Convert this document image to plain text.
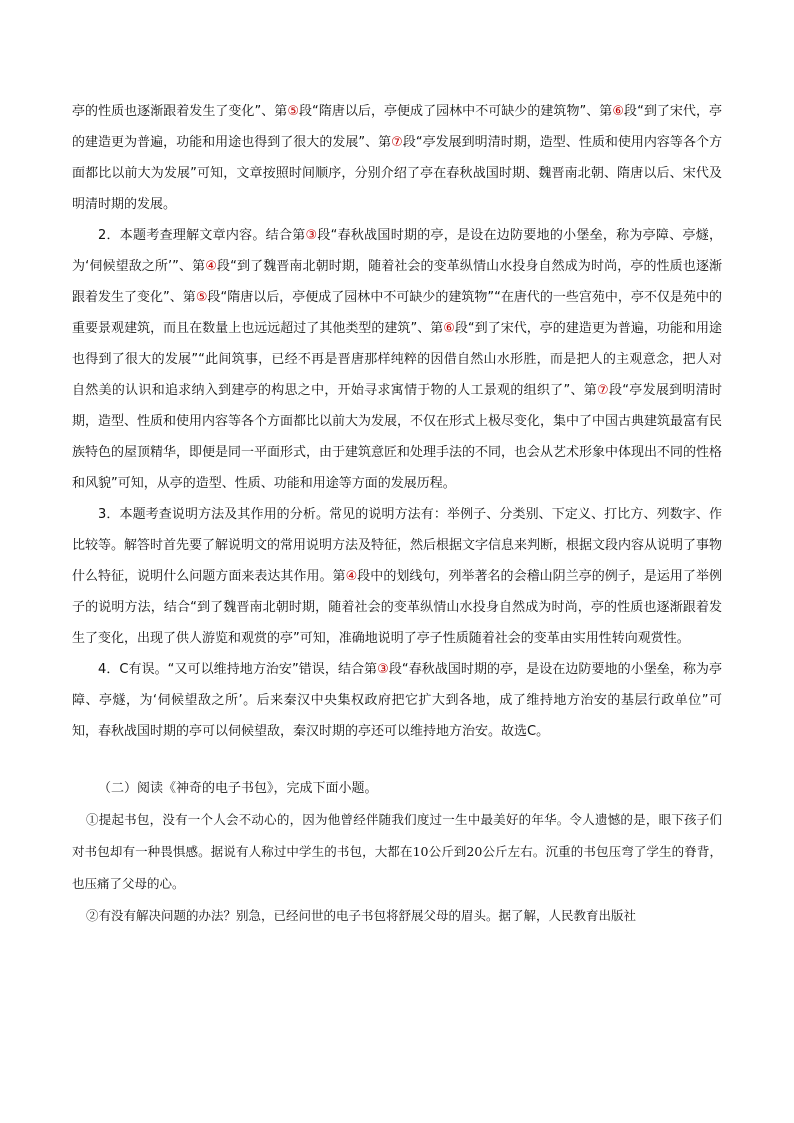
亭的性质也逐渐跟着发生了变化”、第⑤段“隋唐以后，亭便成了园林中不可缺少的建筑物”、第⑥段“到了宋代，亭的建造更为普遍，功能和用途也得到了很大的发展”、第⑦段“亭发展到明清时期，造型、性质和使用内容等各个方面都比以前大为发展”可知，文章按照时间顺序，分别介绍了亭在春秋战国时期、魏晋南北朝、隋唐以后、宋代及明清时期的发展。

2．本题考查理解文章内容。结合第③段“春秋战国时期的亭，是设在边防要地的小堡垒，称为亭障、亭燧，为‘伺候望敌之所’”、第④段“到了魏晋南北朝时期，随着社会的变革纵情山水投身自然成为时尚，亭的性质也逐渐跟着发生了变化”、第⑤段“隋唐以后，亭便成了园林中不可缺少的建筑物”“在唐代的一些宫苑中，亭不仅是苑中的重要景观建筑，而且在数量上也远远超过了其他类型的建筑”、第⑥段“到了宋代，亭的建造更为普遍，功能和用途也得到了很大的发展”“此间筑事，已经不再是晋唐那样纯粹的因借自然山水形胜，而是把人的主观意念，把人对自然美的认识和追求纳入到建亭的构思之中，开始寻求寓情于物的人工景观的组织了”、第⑦段“亭发展到明清时期，造型、性质和使用内容等各个方面都比以前大为发展，不仅在形式上极尽变化，集中了中国古典建筑最富有民族特色的屋顶精华，即便是同一平面形式，由于建筑意匠和处理手法的不同，也会从艺术形象中体现出不同的性格和风貌”可知，从亭的造型、性质、功能和用途等方面的发展历程。

3．本题考查说明方法及其作用的分析。常见的说明方法有：举例子、分类别、下定义、打比方、列数字、作比较等。解答时首先要了解说明文的常用说明方法及特征，然后根据文字信息来判断，根据文段内容从说明了事物什么特征，说明什么问题方面来表达其作用。第④段中的划线句，列举著名的会稽山阴兰亭的例子，是运用了举例子的说明方法，结合“到了魏晋南北朝时期，随着社会的变革纵情山水投身自然成为时尚，亭的性质也逐渐跟着发生了变化，出现了供人游览和观赏的亭”可知，准确地说明了亭子性质随着社会的变革由实用性转向观赏性。

4．C有误。“又可以维持地方治安”错误，结合第③段“春秋战国时期的亭，是设在边防要地的小堡垒，称为亭障、亭燧，为‘伺候望敌之所’。后来秦汉中央集权政府把它扩大到各地，成了维持地方治安的基层行政单位”可知，春秋战国时期的亭可以伺候望敌，秦汉时期的亭还可以维持地方治安。故选C。

（二）阅读《神奇的电子书包》，完成下面小题。

①提起书包，没有一个人会不动心的，因为他曾经伴随我们度过一生中最美好的年华。令人遗憾的是，眼下孩子们对书包却有一种畏惧感。据说有人称过中学生的书包，大都在10公斤到20公斤左右。沉重的书包压弯了学生的脊背，也压痛了父母的心。

②有没有解决问题的办法？别急，已经问世的电子书包将舒展父母的眉头。据了解，人民教育出版社
